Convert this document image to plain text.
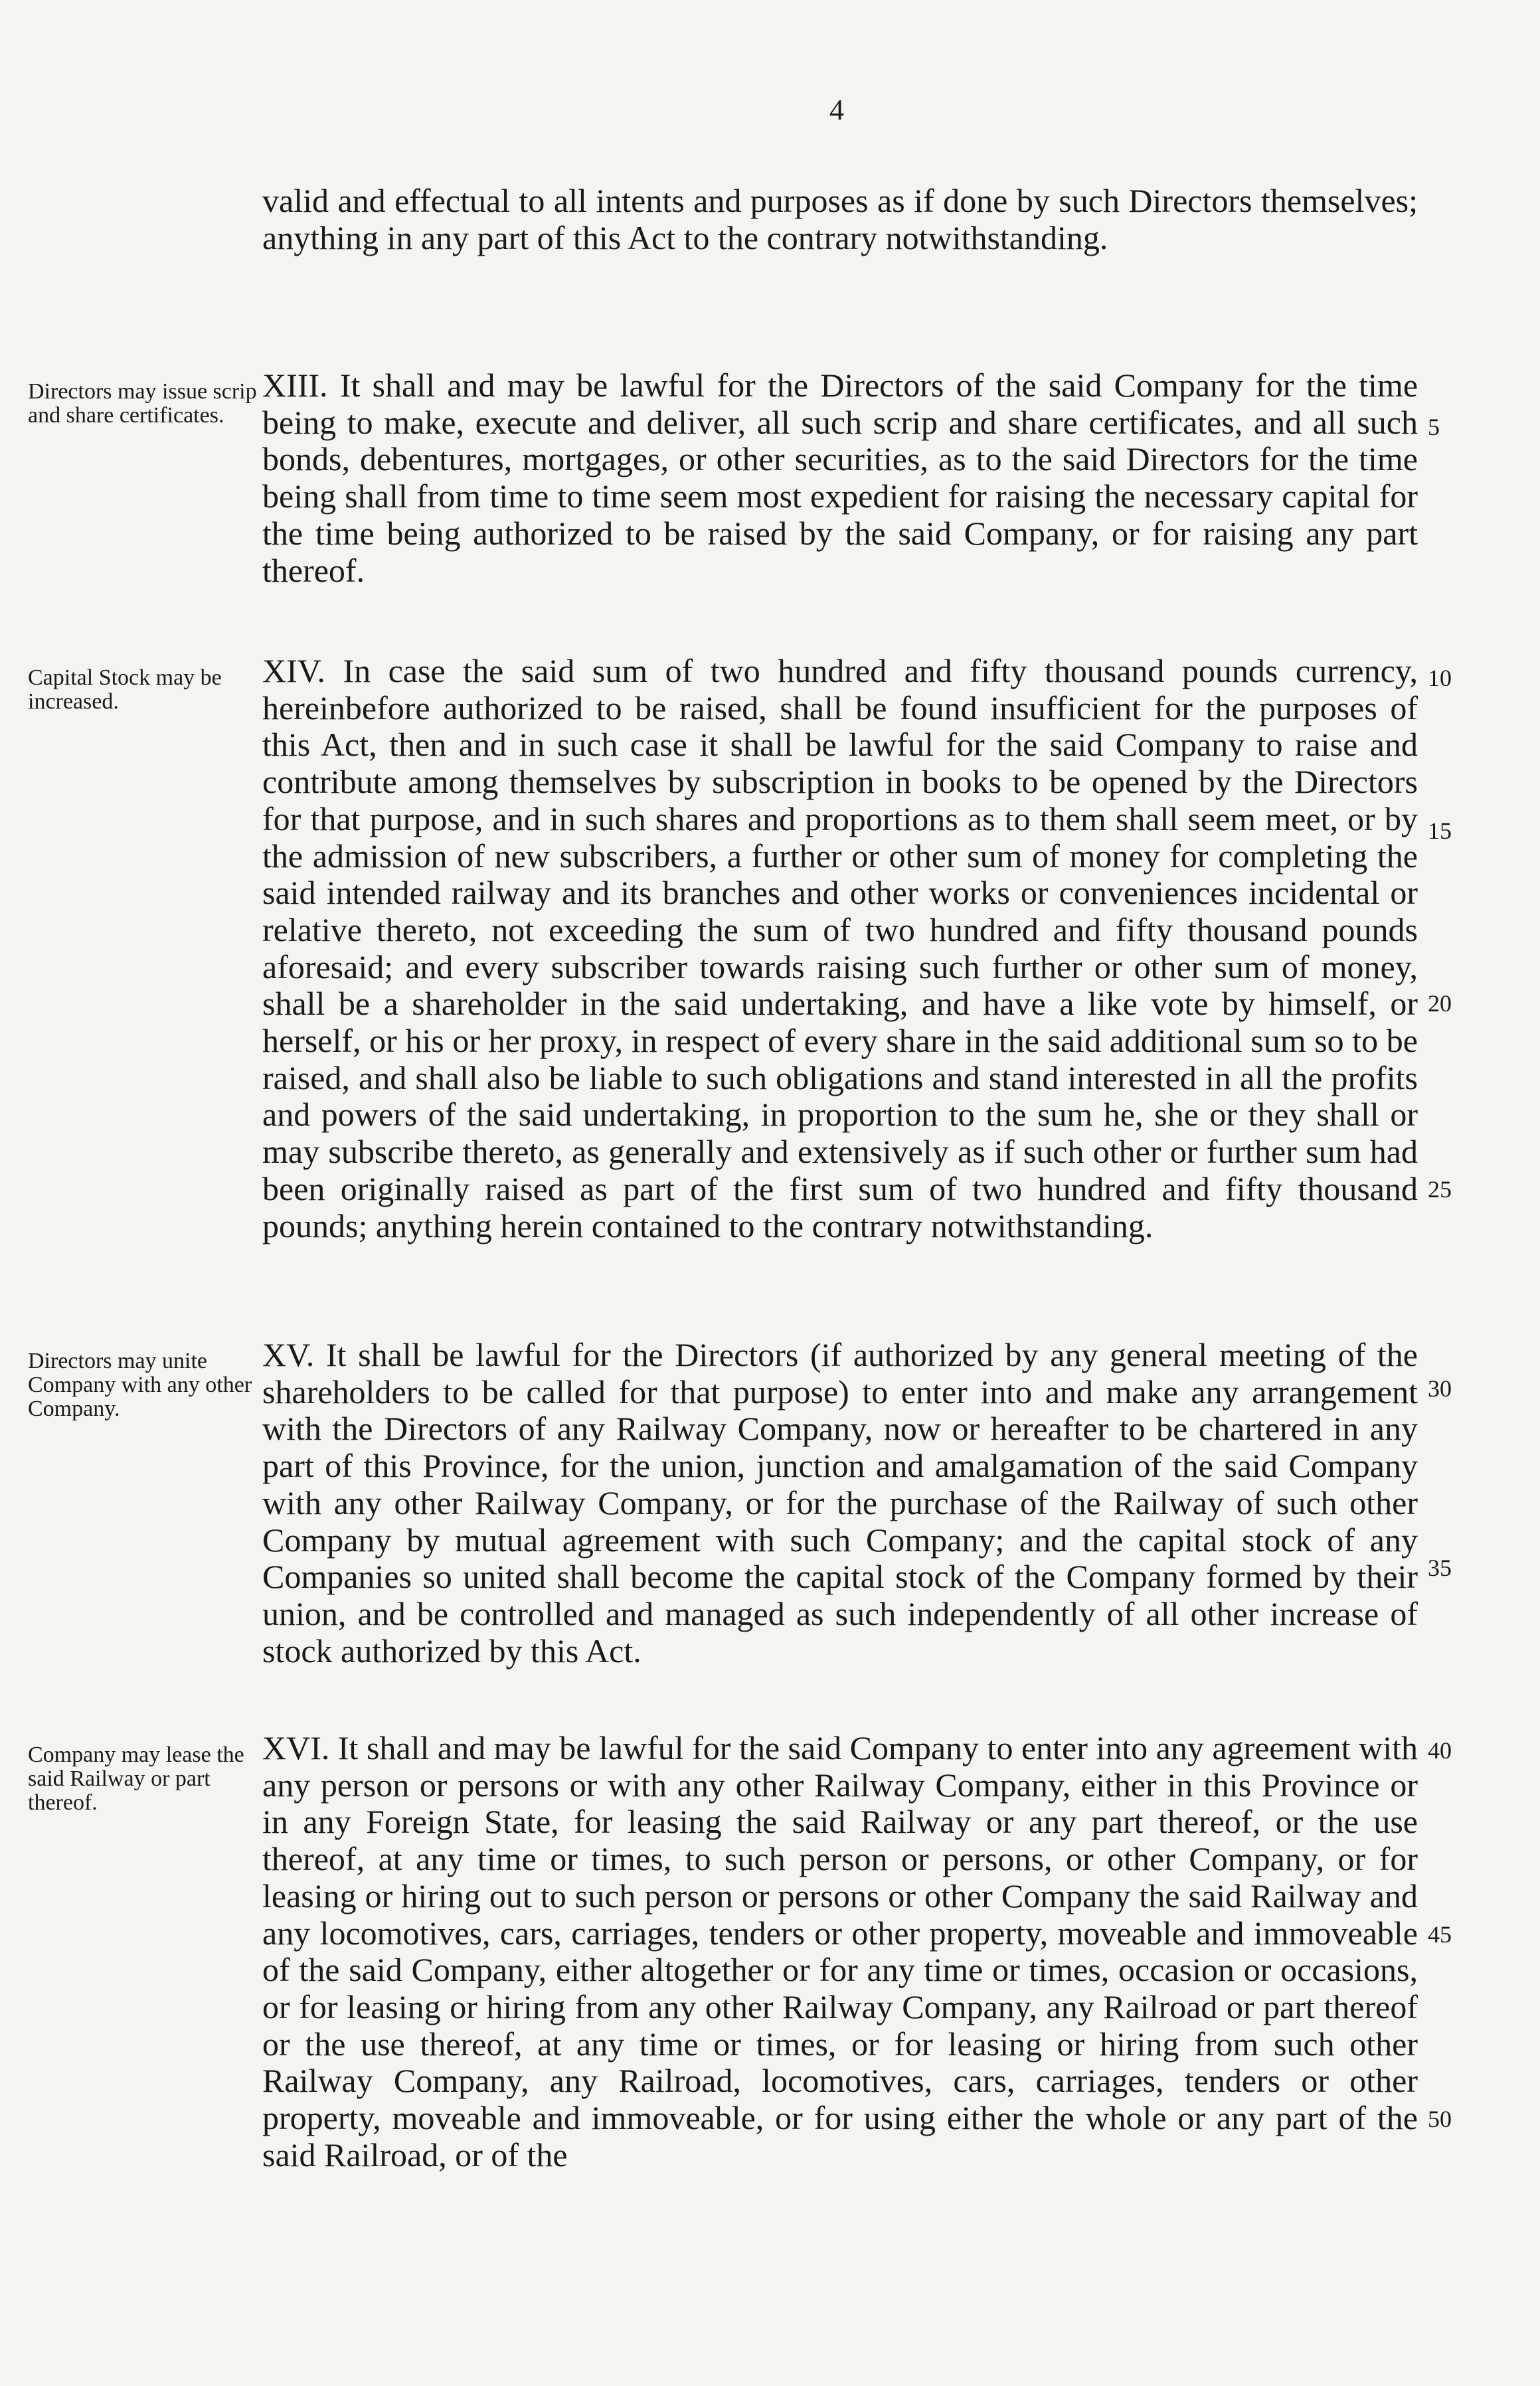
4

valid and effectual to all intents and purposes as if done by such Directors themselves; anything in any part of this Act to the contrary notwithstanding.

Directors may issue scrip and share certificates.

XIII. It shall and may be lawful for the Directors of the said Company for the time being to make, execute and deliver, all such scrip and share certificates, and all such bonds, debentures, mortgages, or other securities, as to the said Directors for the time being shall from time to time seem most expedient for raising the necessary capital for the time being authorized to be raised by the said Company, or for raising any part thereof.

Capital Stock may be increased.

XIV. In case the said sum of two hundred and fifty thousand pounds currency, hereinbefore authorized to be raised, shall be found insufficient for the purposes of this Act, then and in such case it shall be lawful for the said Company to raise and contribute among themselves by subscription in books to be opened by the Directors for that purpose, and in such shares and proportions as to them shall seem meet, or by the admission of new subscribers, a further or other sum of money for completing the said intended railway and its branches and other works or conveniences incidental or relative thereto, not exceeding the sum of two hundred and fifty thousand pounds aforesaid; and every subscriber towards raising such further or other sum of money, shall be a shareholder in the said undertaking, and have a like vote by himself, or herself, or his or her proxy, in respect of every share in the said additional sum so to be raised, and shall also be liable to such obligations and stand interested in all the profits and powers of the said undertaking, in proportion to the sum he, she or they shall or may subscribe thereto, as generally and extensively as if such other or further sum had been originally raised as part of the first sum of two hundred and fifty thousand pounds; anything herein contained to the contrary notwithstanding.

Directors may unite Company with any other Company.

XV. It shall be lawful for the Directors (if authorized by any general meeting of the shareholders to be called for that purpose) to enter into and make any arrangement with the Directors of any Railway Company, now or hereafter to be chartered in any part of this Province, for the union, junction and amalgamation of the said Company with any other Railway Company, or for the purchase of the Railway of such other Company by mutual agreement with such Company; and the capital stock of any Companies so united shall become the capital stock of the Company formed by their union, and be controlled and managed as such independently of all other increase of stock authorized by this Act.

Company may lease the said Railway or part thereof.

XVI. It shall and may be lawful for the said Company to enter into any agreement with any person or persons or with any other Railway Company, either in this Province or in any Foreign State, for leasing the said Railway or any part thereof, or the use thereof, at any time or times, to such person or persons, or other Company, or for leasing or hiring out to such person or persons or other Company the said Railway and any locomotives, cars, carriages, tenders or other property, moveable and immoveable of the said Company, either altogether or for any time or times, occasion or occasions, or for leasing or hiring from any other Railway Company, any Railroad or part thereof or the use thereof, at any time or times, or for leasing or hiring from such other Railway Company, any Railroad, locomotives, cars, carriages, tenders or other property, moveable and immoveable, or for using either the whole or any part of the said Railroad, or of the

5
10
15
20
25
30
35
40
45
50
